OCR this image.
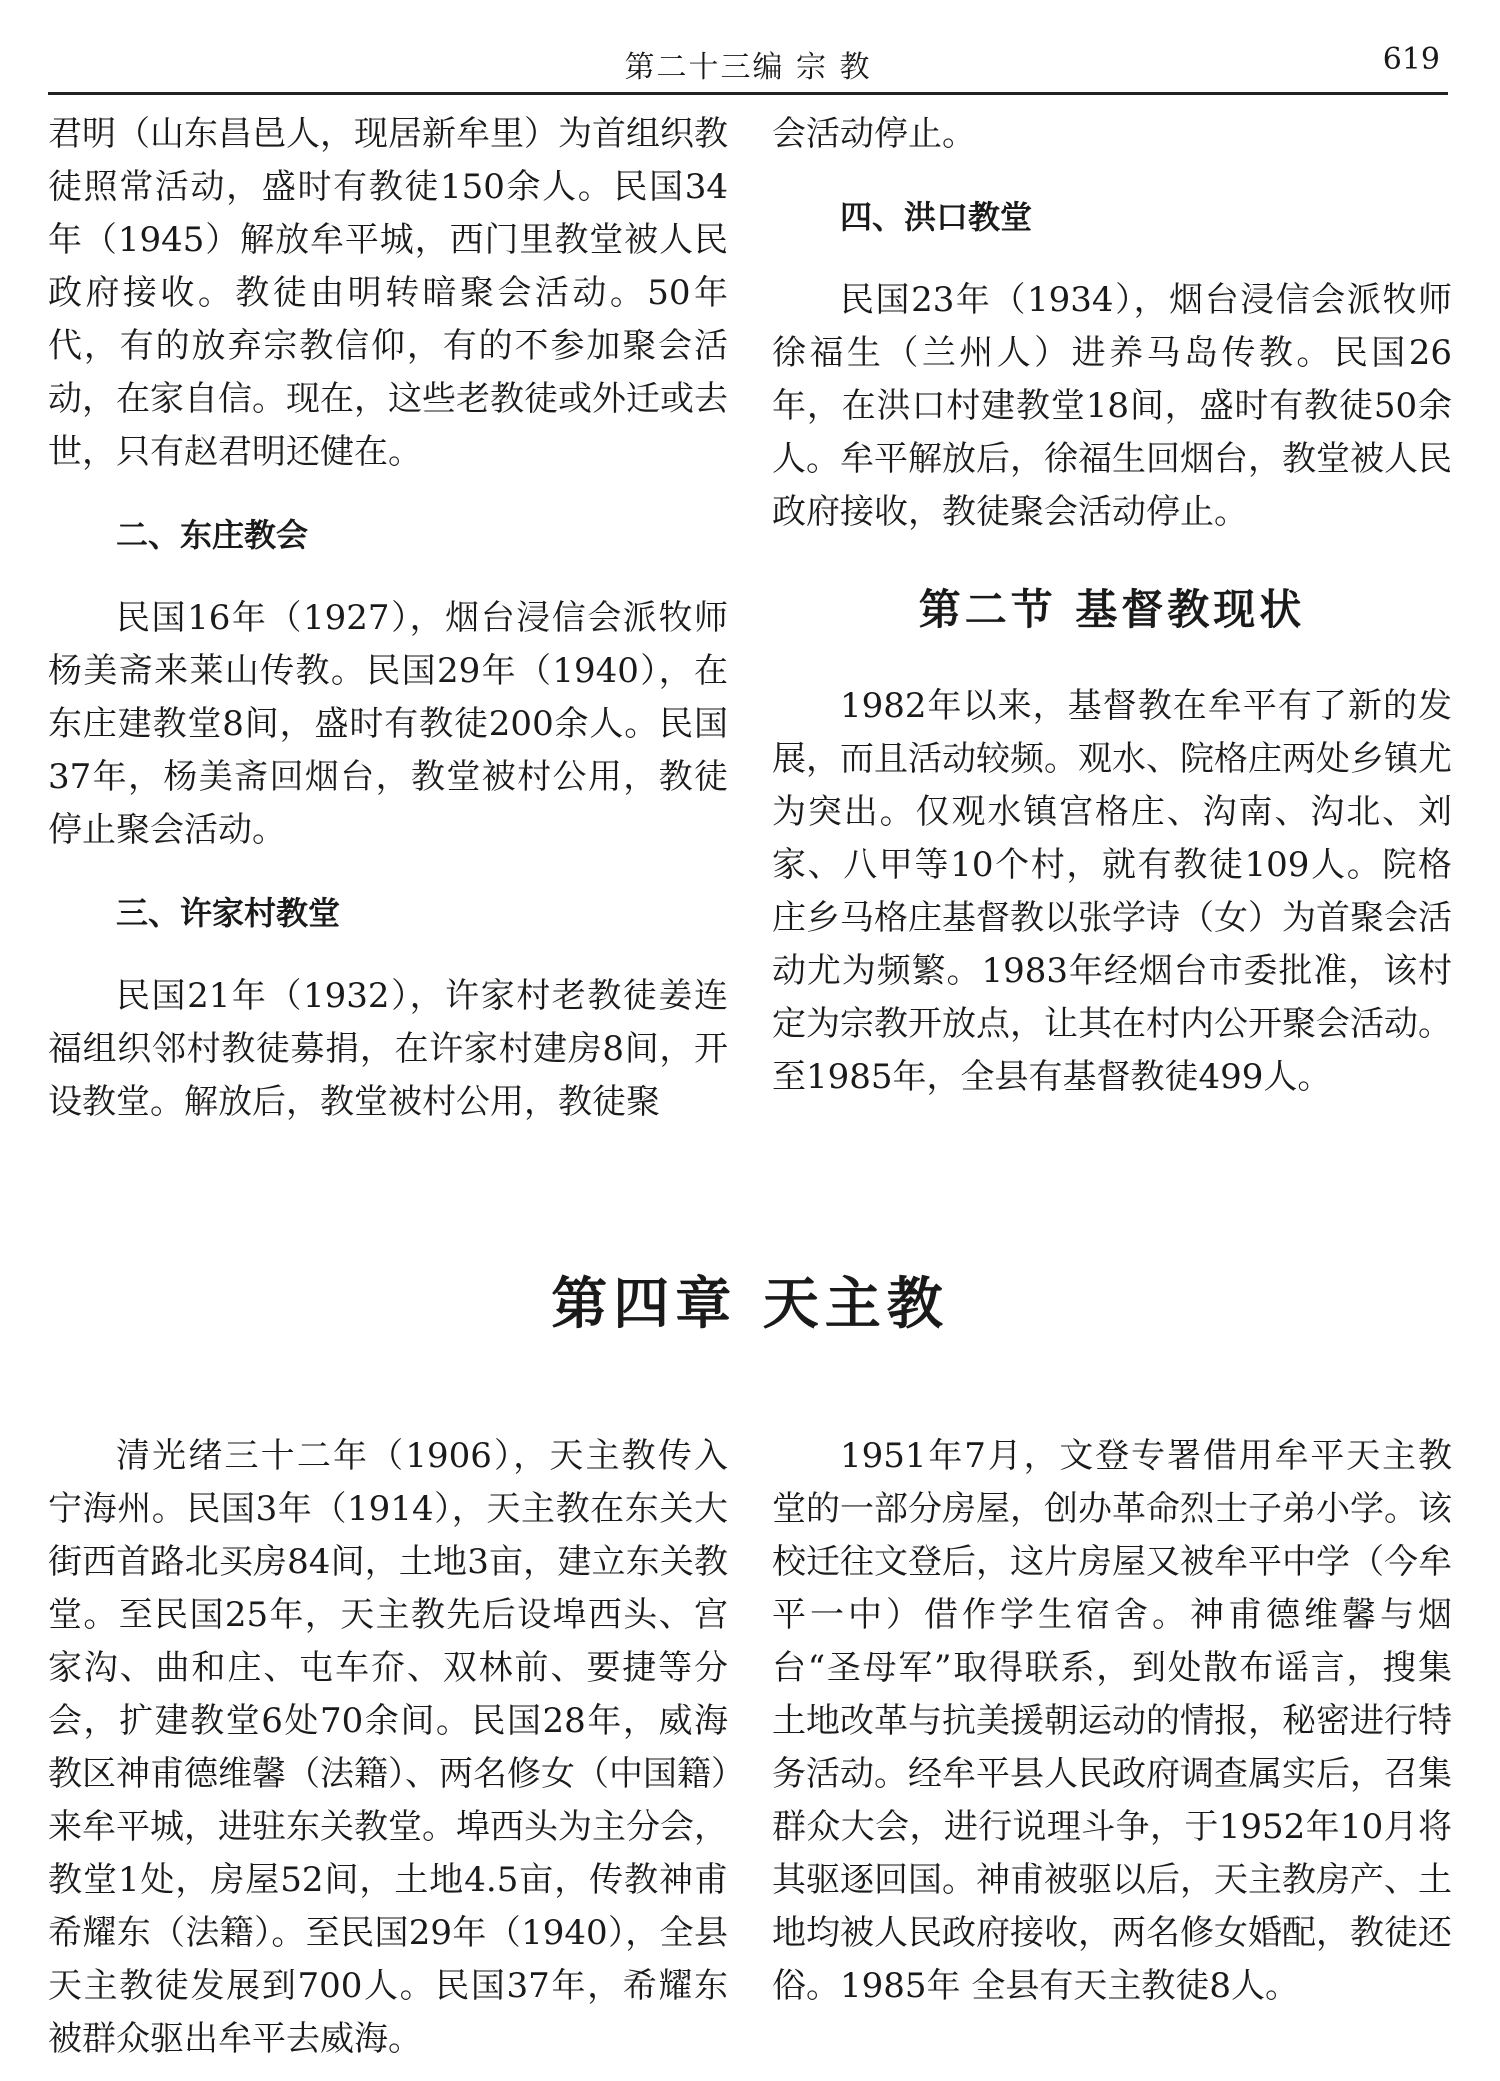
第二十三编 宗 教	619

君明（山东昌邑人，现居新牟里）为首组织教徒照常活动，盛时有教徒150余人。民国34年（1945）解放牟平城，西门里教堂被人民政府接收。教徒由明转暗聚会活动。50年代，有的放弃宗教信仰，有的不参加聚会活动，在家自信。现在，这些老教徒或外迁或去世，只有赵君明还健在。

二、东庄教会

民国16年（1927），烟台浸信会派牧师杨美斋来莱山传教。民国29年（1940），在东庄建教堂8间，盛时有教徒200余人。民国37年，杨美斋回烟台，教堂被村公用，教徒停止聚会活动。

三、许家村教堂

民国21年（1932），许家村老教徒姜连福组织邻村教徒募捐，在许家村建房8间，开设教堂。解放后，教堂被村公用，教徒聚

会活动停止。

四、洪口教堂

民国23年（1934），烟台浸信会派牧师徐福生（兰州人）进养马岛传教。民国26年，在洪口村建教堂18间，盛时有教徒50余人。牟平解放后，徐福生回烟台，教堂被人民政府接收，教徒聚会活动停止。

第二节 基督教现状

1982年以来，基督教在牟平有了新的发展，而且活动较频。观水、院格庄两处乡镇尤为突出。仅观水镇宫格庄、沟南、沟北、刘家、八甲等10个村，就有教徒109人。院格庄乡马格庄基督教以张学诗（女）为首聚会活动尤为频繁。1983年经烟台市委批准，该村定为宗教开放点，让其在村内公开聚会活动。至1985年，全县有基督教徒499人。

第四章 天主教

清光绪三十二年（1906），天主教传入宁海州。民国3年（1914），天主教在东关大街西首路北买房84间，土地3亩，建立东关教堂。至民国25年，天主教先后设埠西头、宫家沟、曲和庄、屯车夼、双林前、要捷等分会，扩建教堂6处70余间。民国28年，威海教区神甫德维馨（法籍）、两名修女（中国籍）来牟平城，进驻东关教堂。埠西头为主分会，教堂1处，房屋52间，土地4.5亩，传教神甫希耀东（法籍）。至民国29年（1940），全县天主教徒发展到700人。民国37年，希耀东被群众驱出牟平去威海。

1951年7月，文登专署借用牟平天主教堂的一部分房屋，创办革命烈士子弟小学。该校迁往文登后，这片房屋又被牟平中学（今牟平一中）借作学生宿舍。神甫德维馨与烟台“圣母军”取得联系，到处散布谣言，搜集土地改革与抗美援朝运动的情报，秘密进行特务活动。经牟平县人民政府调查属实后，召集群众大会，进行说理斗争，于1952年10月将其驱逐回国。神甫被驱以后，天主教房产、土地均被人民政府接收，两名修女婚配，教徒还俗。1985年 全县有天主教徒8人。
